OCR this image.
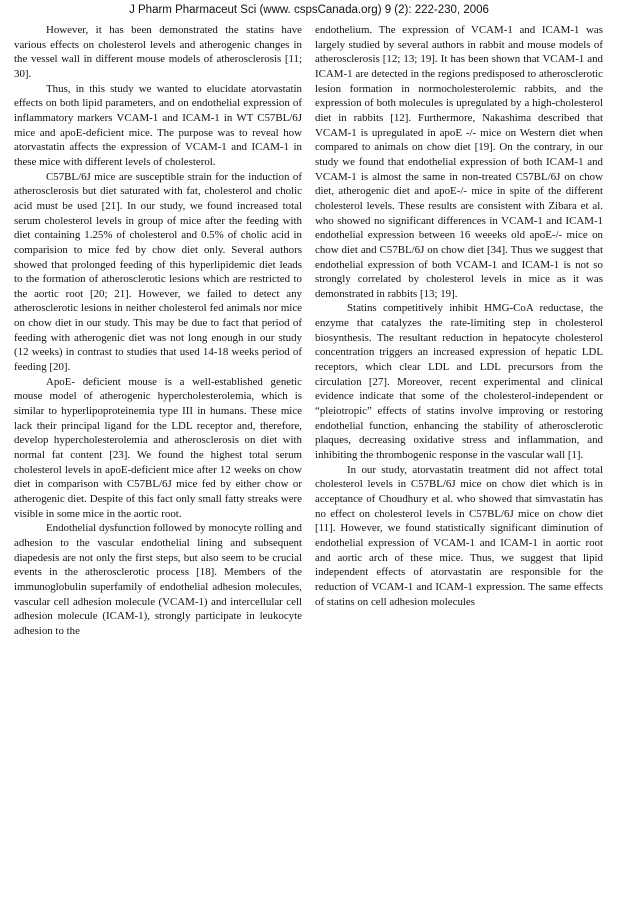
J Pharm Pharmaceut Sci (www. cspsCanada.org) 9 (2): 222-230, 2006

However, it has been demonstrated the statins have various effects on cholesterol levels and atherogenic changes in the vessel wall in different mouse models of atherosclerosis [11; 30].

Thus, in this study we wanted to elucidate atorvastatin effects on both lipid parameters, and on endothelial expression of inflammatory markers VCAM-1 and ICAM-1 in WT C57BL/6J mice and apoE-deficient mice. The purpose was to reveal how atorvastatin affects the expression of VCAM-1 and ICAM-1 in these mice with different levels of cholesterol.

C57BL/6J mice are susceptible strain for the induction of atherosclerosis but diet saturated with fat, cholesterol and cholic acid must be used [21]. In our study, we found increased total serum cholesterol levels in group of mice after the feeding with diet containing 1.25% of cholesterol and 0.5% of cholic acid in comparision to mice fed by chow diet only. Several authors showed that prolonged feeding of this hyperlipidemic diet leads to the formation of atherosclerotic lesions which are restricted to the aortic root [20; 21]. However, we failed to detect any atherosclerotic lesions in neither cholesterol fed animals nor mice on chow diet in our study. This may be due to fact that period of feeding with atherogenic diet was not long enough in our study (12 weeks) in contrast to studies that used 14-18 weeks period of feeding [20].

ApoE- deficient mouse is a well-established genetic mouse model of atherogenic hypercholesterolemia, which is similar to hyperlipoproteinemia type III in humans. These mice lack their principal ligand for the LDL receptor and, therefore, develop hypercholesterolemia and atherosclerosis on diet with normal fat content [23]. We found the highest total serum cholesterol levels in apoE-deficient mice after 12 weeks on chow diet in comparison with C57BL/6J mice fed by either chow or atherogenic diet. Despite of this fact only small fatty streaks were visible in some mice in the aortic root.

Endothelial dysfunction followed by monocyte rolling and adhesion to the vascular endothelial lining and subsequent diapedesis are not only the first steps, but also seem to be crucial events in the atherosclerotic process [18]. Members of the immunoglobulin superfamily of endothelial adhesion molecules, vascular cell adhesion molecule (VCAM-1) and intercellular cell adhesion molecule (ICAM-1), strongly participate in leukocyte adhesion to the

endothelium. The expression of VCAM-1 and ICAM-1 was largely studied by several authors in rabbit and mouse models of atherosclerosis [12; 13; 19]. It has been shown that VCAM-1 and ICAM-1 are detected in the regions predisposed to atherosclerotic lesion formation in normocholesterolemic rabbits, and the expression of both molecules is upregulated by a high-cholesterol diet in rabbits [12]. Furthermore, Nakashima described that VCAM-1 is upregulated in apoE -/- mice on Western diet when compared to animals on chow diet [19]. On the contrary, in our study we found that endothelial expression of both ICAM-1 and VCAM-1 is almost the same in non-treated C57BL/6J on chow diet, atherogenic diet and apoE-/- mice in spite of the different cholesterol levels. These results are consistent with Zibara et al. who showed no significant differences in VCAM-1 and ICAM-1 endothelial expression between 16 weeeks old apoE-/- mice on chow diet and C57BL/6J on chow diet [34]. Thus we suggest that endothelial expression of both VCAM-1 and ICAM-1 is not so strongly correlated by cholesterol levels in mice as it was demonstrated in rabbits [13; 19].

Statins competitively inhibit HMG-CoA reductase, the enzyme that catalyzes the rate-limiting step in cholesterol biosynthesis. The resultant reduction in hepatocyte cholesterol concentration triggers an increased expression of hepatic LDL receptors, which clear LDL and LDL precursors from the circulation [27]. Moreover, recent experimental and clinical evidence indicate that some of the cholesterol-independent or “pleiotropic” effects of statins involve improving or restoring endothelial function, enhancing the stability of atherosclerotic plaques, decreasing oxidative stress and inflammation, and inhibiting the thrombogenic response in the vascular wall [1].

In our study, atorvastatin treatment did not affect total cholesterol levels in C57BL/6J mice on chow diet which is in acceptance of Choudhury et al. who showed that simvastatin has no effect on cholesterol levels in C57BL/6J mice on chow diet [11]. However, we found statistically significant diminution of endothelial expression of VCAM-1 and ICAM-1 in aortic root and aortic arch of these mice. Thus, we suggest that lipid independent effects of atorvastatin are responsible for the reduction of VCAM-1 and ICAM-1 expression. The same effects of statins on cell adhesion molecules
